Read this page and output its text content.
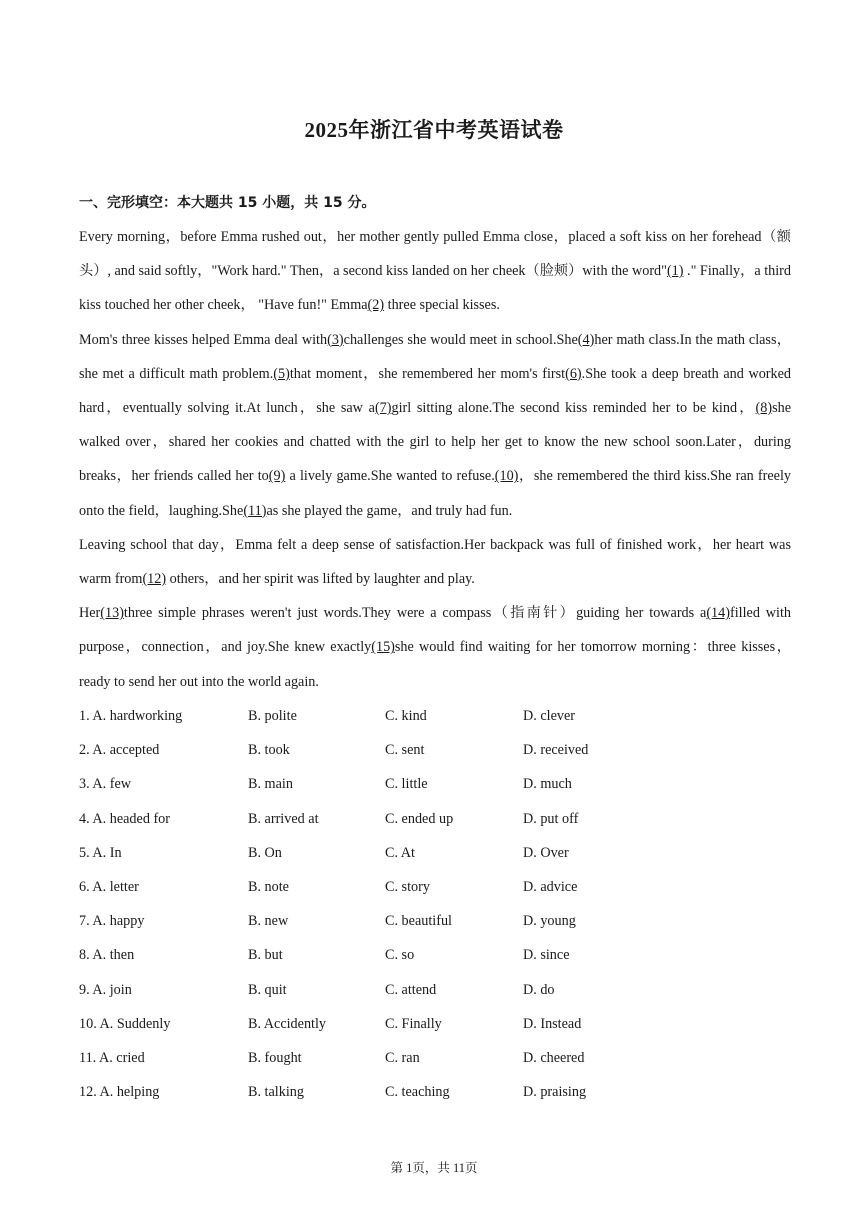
2025年浙江省中考英语试卷
一、完形填空：本大题共 15 小题，共 15 分。

Every morning，before Emma rushed out，her mother gently pulled Emma close，placed a soft kiss on her forehead（额头）, and said softly，"Work hard." Then，a second kiss landed on her cheek（脸颊）with the word"(1) ." Finally，a third kiss touched her other cheek， "Have fun!" Emma(2) three special kisses.

Mom's three kisses helped Emma deal with(3)challenges she would meet in school.She(4)her math class.In the math class，she met a difficult math problem.(5)that moment，she remembered her mom's first(6).She took a deep breath and worked hard，eventually solving it.At lunch，she saw a(7)girl sitting alone.The second kiss reminded her to be kind，(8)she walked over，shared her cookies and chatted with the girl to help her get to know the new school soon.Later，during breaks，her friends called her to(9) a lively game.She wanted to refuse.(10)，she remembered the third kiss.She ran freely onto the field，laughing.She(11)as she played the game，and truly had fun.

Leaving school that day，Emma felt a deep sense of satisfaction.Her backpack was full of finished work，her heart was warm from(12) others，and her spirit was lifted by laughter and play.

Her(13)three simple phrases weren't just words.They were a compass（指南针）guiding her towards a(14)filled with purpose，connection，and joy.She knew exactly(15)she would find waiting for her tomorrow morning：three kisses，ready to send her out into the world again.

1. A. hardworking	B. polite	C. kind	D. clever
2. A. accepted	B. took	C. sent	D. received
3. A. few	B. main	C. little	D. much
4. A. headed for	B. arrived at	C. ended up	D. put off
5. A. In	B. On	C. At	D. Over
6. A. letter	B. note	C. story	D. advice
7. A. happy	B. new	C. beautiful	D. young
8. A. then	B. but	C. so	D. since
9. A. join	B. quit	C. attend	D. do
10. A. Suddenly	B. Accidently	C. Finally	D. Instead
11. A. cried	B. fought	C. ran	D. cheered
12. A. helping	B. talking	C. teaching	D. praising
第 1页，共 11页
